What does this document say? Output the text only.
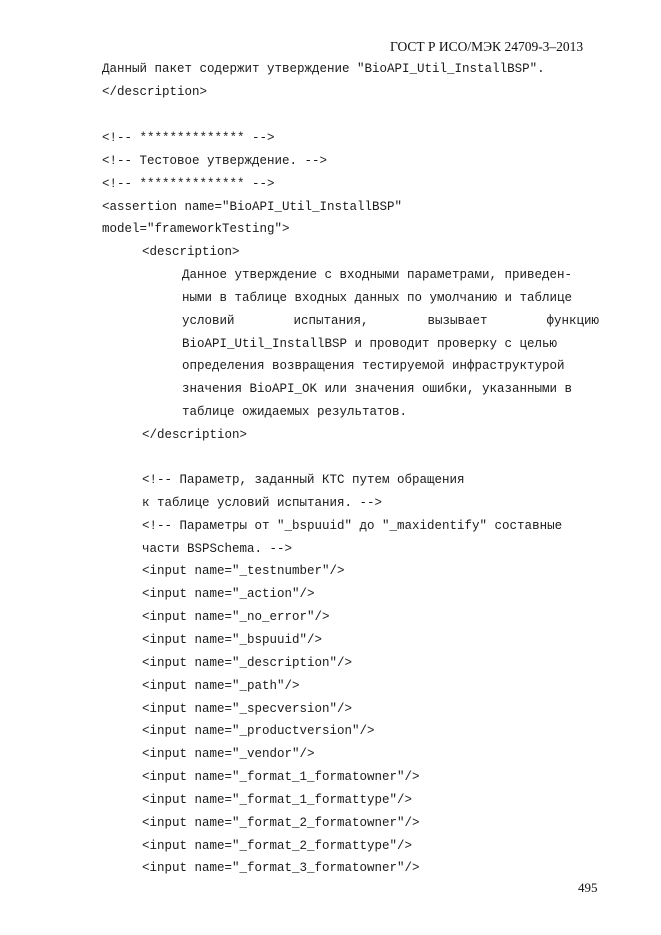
ГОСТ Р ИСО/МЭК 24709-3–2013
Данный пакет содержит утверждение "BioAPI_Util_InstallBSP".
</description>
<!-- ************** -->
<!-- Тестовое утверждение. -->
<!-- ************** -->
<assertion name="BioAPI_Util_InstallBSP"
model="frameworkTesting">
<description>
Данное утверждение с входными параметрами, приведен-
ными в таблице входных данных по умолчанию и таблице
условий	испытания,	вызывает	функцию
BioAPI_Util_InstallBSP и проводит проверку с целью
определения возвращения тестируемой инфраструктурой
значения BioAPI_OK или значения ошибки, указанными в
таблице ожидаемых результатов.
</description>
<!-- Параметр, заданный КТС путем обращения
к таблице условий испытания. -->
<!-- Параметры от "_bspuuid" до "_maxidentify" составные
части BSPSchema. -->
<input name="_testnumber"/>
<input name="_action"/>
<input name="_no_error"/>
<input name="_bspuuid"/>
<input name="_description"/>
<input name="_path"/>
<input name="_specversion"/>
<input name="_productversion"/>
<input name="_vendor"/>
<input name="_format_1_formatowner"/>
<input name="_format_1_formattype"/>
<input name="_format_2_formatowner"/>
<input name="_format_2_formattype"/>
<input name="_format_3_formatowner"/>
495
